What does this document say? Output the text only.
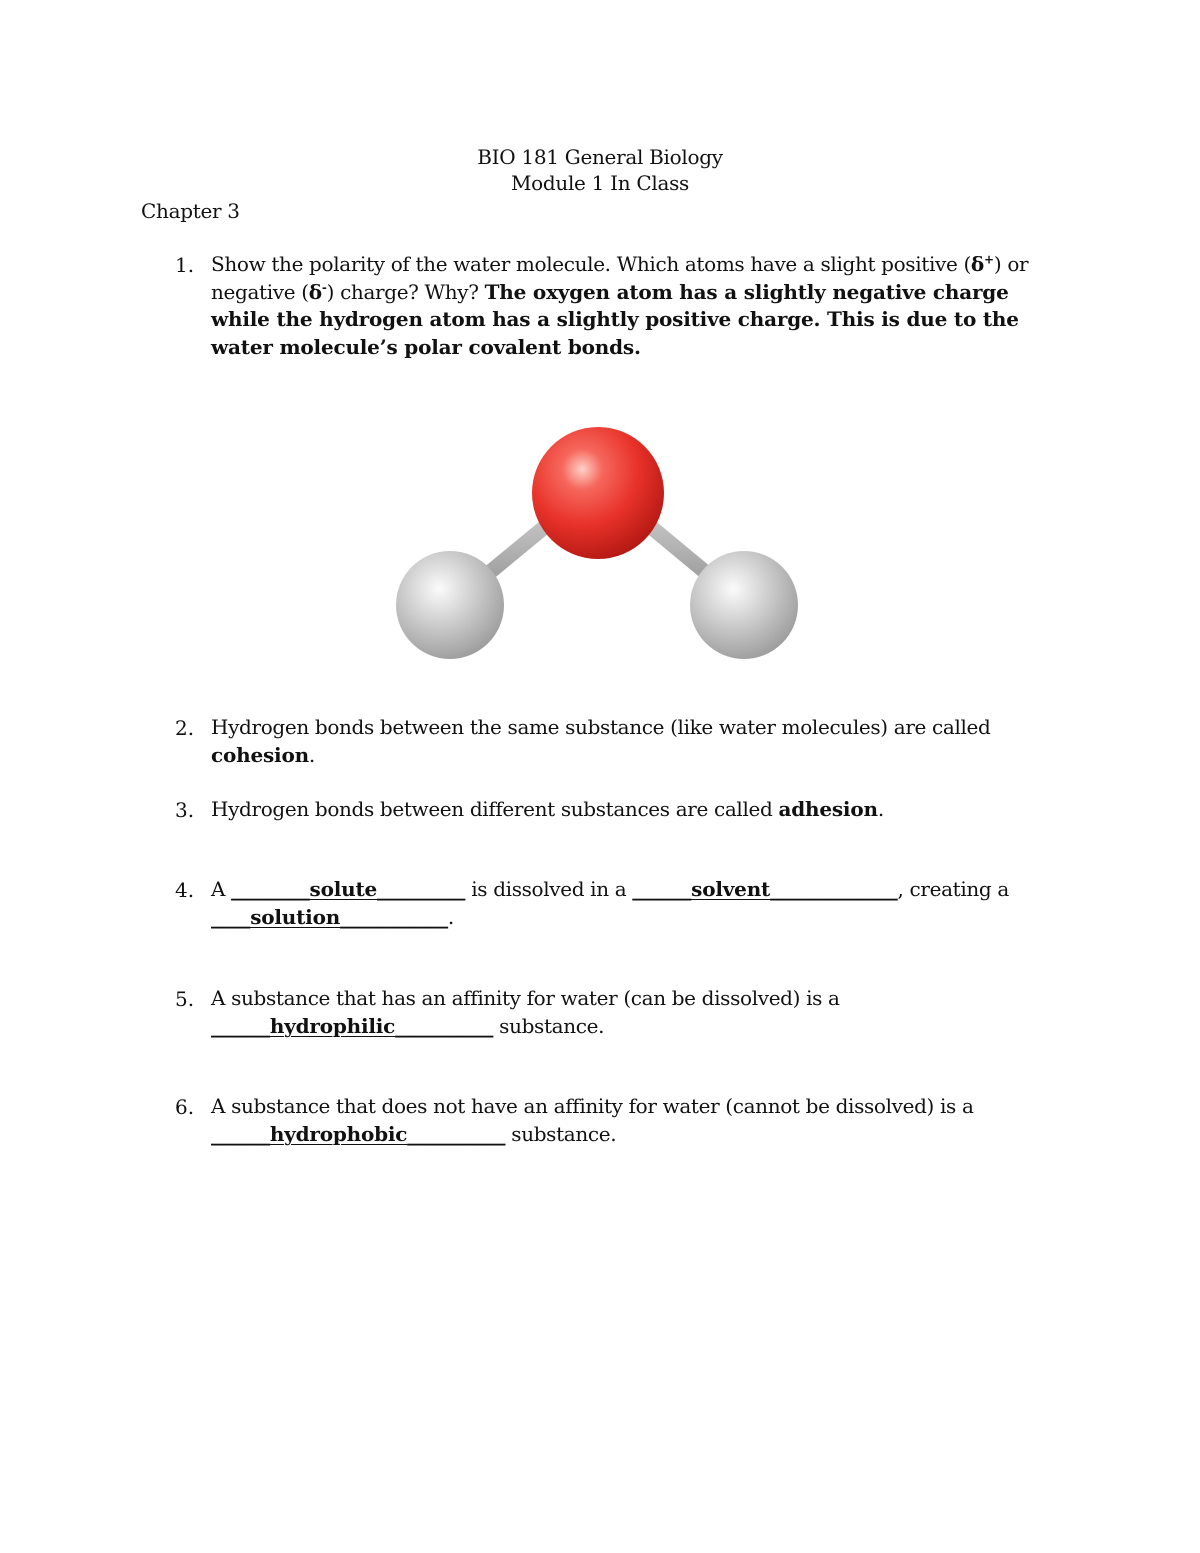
BIO 181 General Biology
Module 1 In Class
Chapter 3
1. Show the polarity of the water molecule. Which atoms have a slight positive (δ+) or negative (δ-) charge? Why? The oxygen atom has a slightly negative charge while the hydrogen atom has a slightly positive charge. This is due to the water molecule’s polar covalent bonds.
2. Hydrogen bonds between the same substance (like water molecules) are called cohesion.
3. Hydrogen bonds between different substances are called adhesion.
4. A ________solute_________ is dissolved in a ______solvent_____________, creating a
____solution___________.
5. A substance that has an affinity for water (can be dissolved) is a
______hydrophilic__________ substance.
6. A substance that does not have an affinity for water (cannot be dissolved) is a
______hydrophobic__________ substance.
